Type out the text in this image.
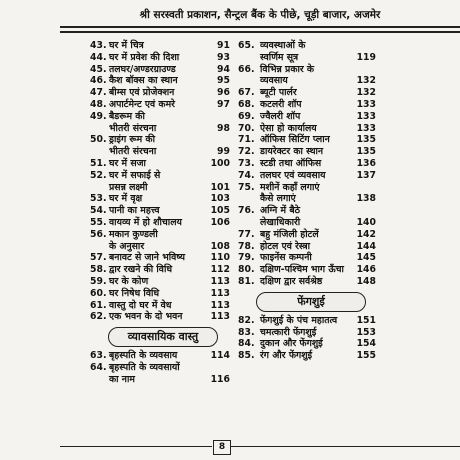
श्री सरस्वती प्रकाशन, सैन्ट्रल बैंक के पीछे, चूड़ी बाजार, अजमेर
43. घर में चित्र	91
44. घर में प्रवेश की दिशा	93
45. तलघर/अण्डरग्राउण्ड	94
46. कैश बॉक्स का स्थान	95
47. बीम्स एवं प्रोजेक्शन	96
48. अपार्टमेन्ट एवं कमरे	97
49. बैडरूम की
भीतरी संरचना	98
50. ड्राइंग रूम की
भीतरी संरचना	99
51. घर में सजा	100
52. घर में सफाई से
प्रसन्न लक्ष्मी	101
53. घर में वृक्ष	103
54. पानी का महत्त्व	105
55. वायव्य में हो शौचालय	106
56. मकान कुण्डली
के अनुसार	108
57. बनावट से जाने भविष्य	110
58. द्वार रखने की विधि	112
59. घर के कोण	113
60. घर निषेध विधि	113
61. वास्तु दो घर में वेध	113
62. एक भवन के दो भवन	113
व्यावसायिक वास्तु
63. बृहस्पति के व्यवसाय	114
64. बृहस्पति के व्यवसायों
का नाम	116
65. व्यवस्थाओं के
स्वर्णिम सूत्र	119
66. विभिन्न प्रकार के
व्यवसाय	132
67. ब्यूटी पार्लर	132
68. कटलरी शॉप	133
69. ज्वैलरी शॉप	133
70. ऐसा हो कार्यालय	133
71. ऑफिस सिटिंग प्लान	135
72. डायरेक्टर का स्थान	135
73. स्टडी तथा ऑफिस	136
74. तलघर एवं व्यवसाय	137
75. मशीनें कहाँ लगाएं
कैसे लगाएं	138
76. अग्नि में बैठे
लेखाधिकारी	140
77. बहु मंजिली होटलें	142
78. होटल एवं रेस्त्रा	144
79. फाइनेंस कम्पनी	145
80. दक्षिण-पश्चिम भाग ऊँचा 146
81. दक्षिण द्वार सर्वश्रेष्ठ	148
फेंगशुई
82. फेंगशुई के पंच महातत्व 151
83. चमत्कारी फेंगशुई	153
84. दुकान और फेंगशुई	154
85. रंग और फेंगशुई	155
8
